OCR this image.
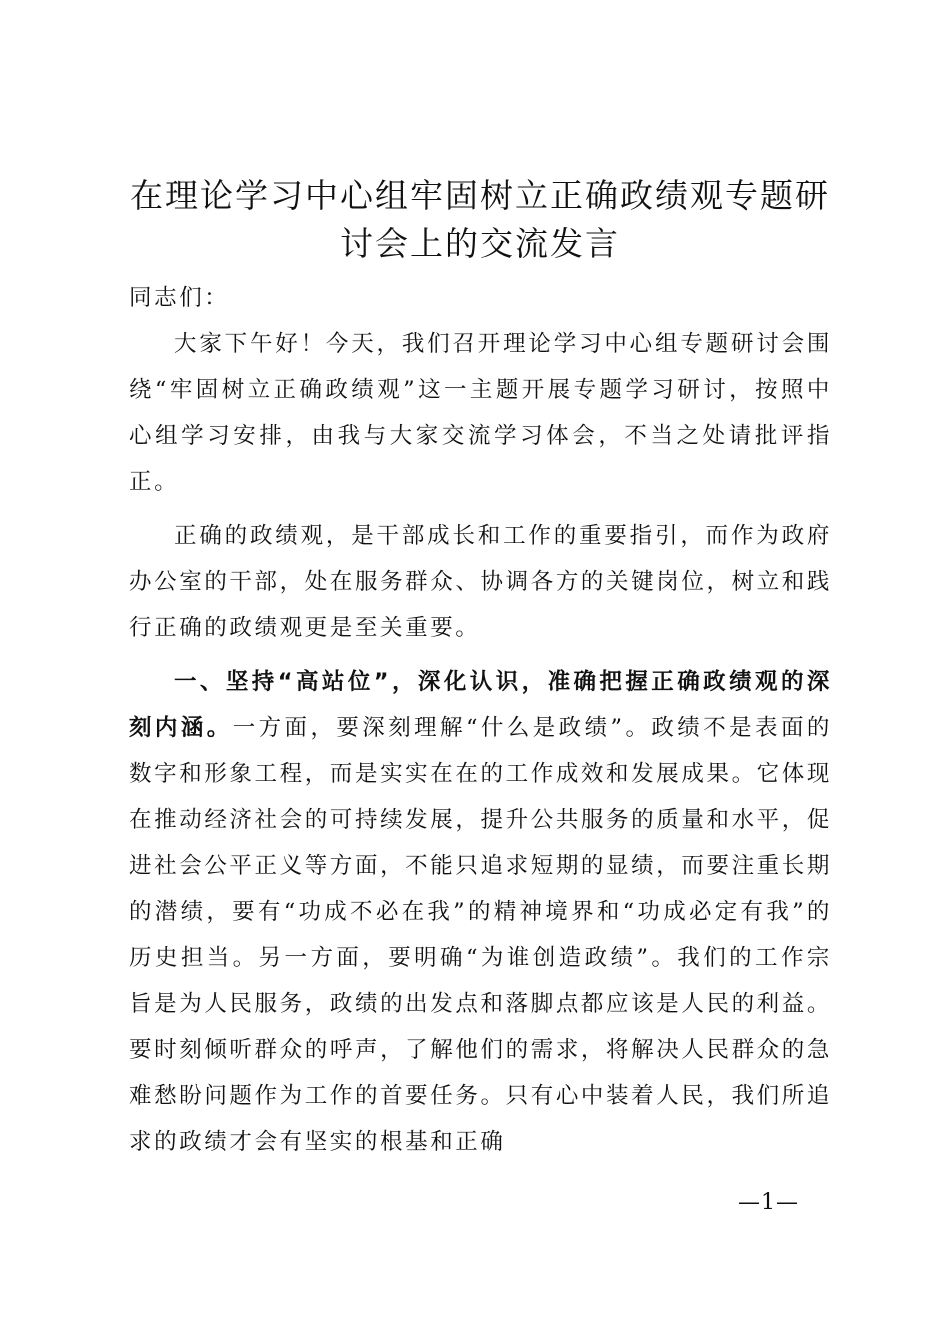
在理论学习中心组牢固树立正确政绩观专题研
讨会上的交流发言

同志们：

大家下午好！今天，我们召开理论学习中心组专题研讨会围绕“牢固树立正确政绩观”这一主题开展专题学习研讨，按照中心组学习安排，由我与大家交流学习体会，不当之处请批评指正。

正确的政绩观，是干部成长和工作的重要指引，而作为政府办公室的干部，处在服务群众、协调各方的关键岗位，树立和践行正确的政绩观更是至关重要。

一、坚持“高站位”，深化认识，准确把握正确政绩观的深刻内涵。一方面，要深刻理解“什么是政绩”。政绩不是表面的数字和形象工程，而是实实在在的工作成效和发展成果。它体现在推动经济社会的可持续发展，提升公共服务的质量和水平，促进社会公平正义等方面，不能只追求短期的显绩，而要注重长期的潜绩，要有“功成不必在我”的精神境界和“功成必定有我”的历史担当。另一方面，要明确“为谁创造政绩”。我们的工作宗旨是为人民服务，政绩的出发点和落脚点都应该是人民的利益。要时刻倾听群众的呼声，了解他们的需求，将解决人民群众的急难愁盼问题作为工作的首要任务。只有心中装着人民，我们所追求的政绩才会有坚实的根基和正确

—1—
